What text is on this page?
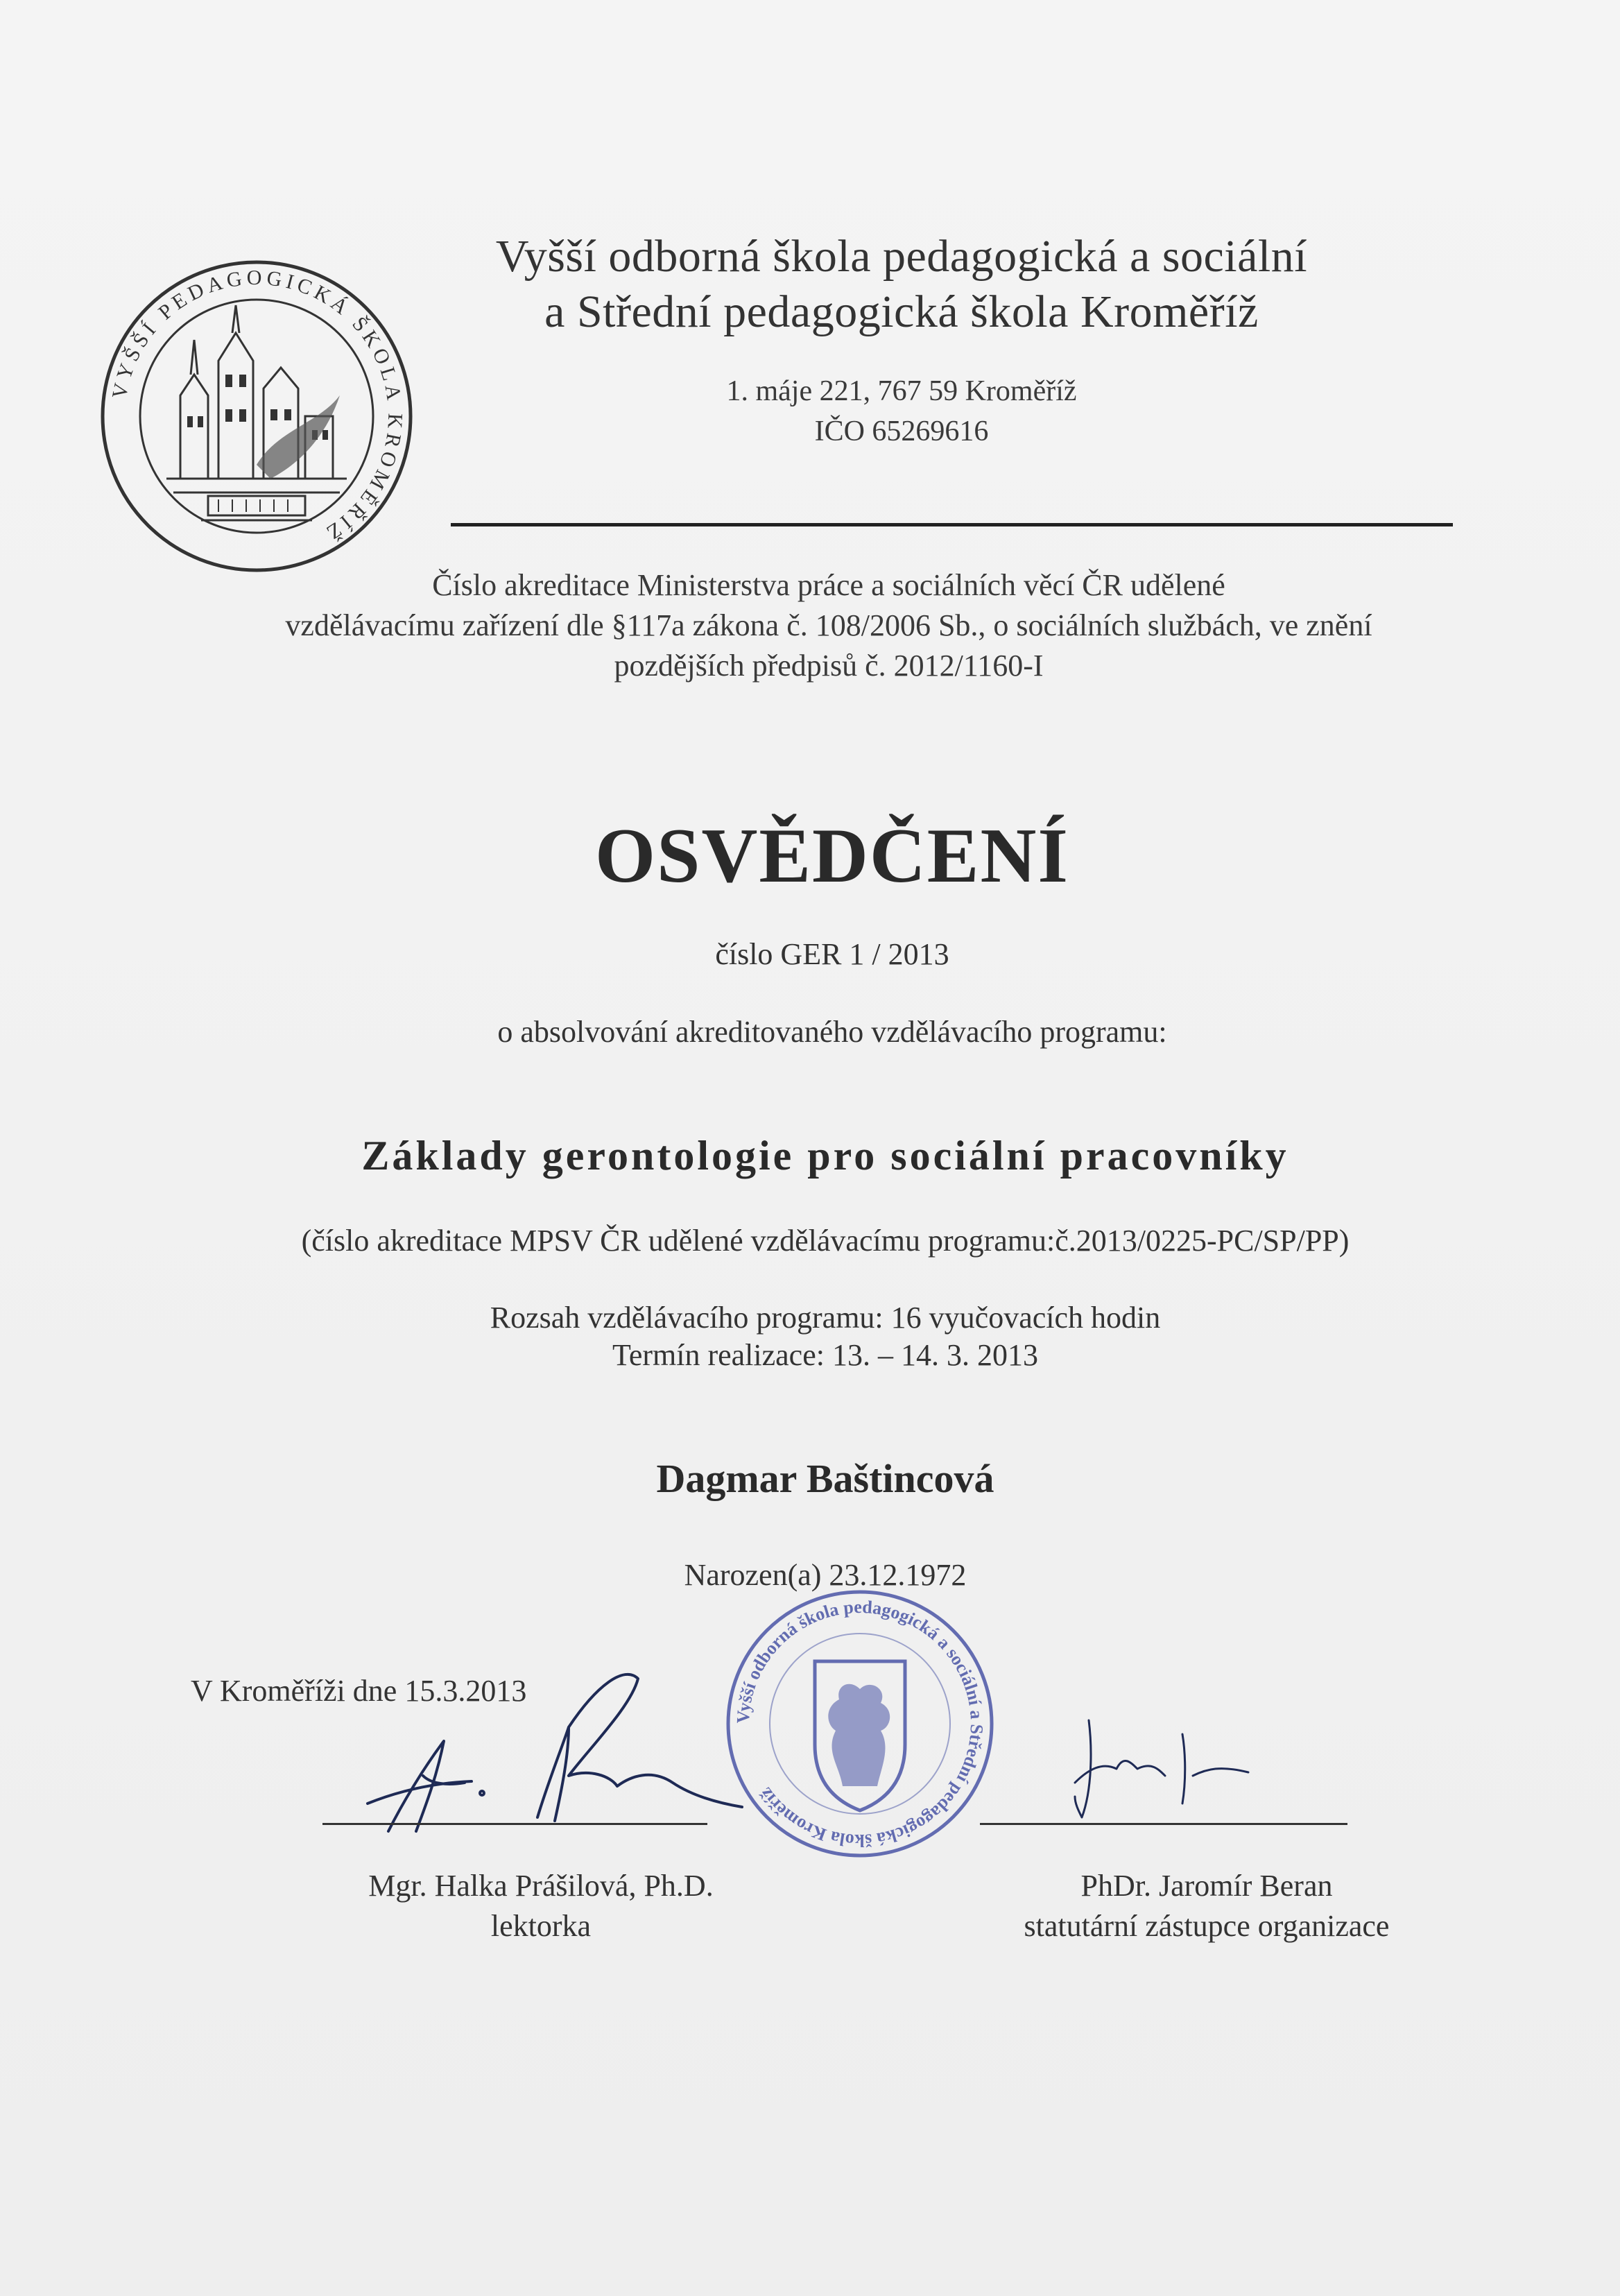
VYŠŠÍ PEDAGOGICKÁ ŠKOLA KROMĚŘÍŽ
Vyšší odborná škola pedagogická a sociální
a Střední pedagogická škola Kroměříž
1. máje 221, 767 59 Kroměříž
IČO 65269616
Číslo akreditace Ministerstva práce a sociálních věcí ČR udělené
vzdělávacímu zařízení dle §117a zákona č. 108/2006 Sb., o sociálních službách, ve znění
pozdějších předpisů č. 2012/1160-I
OSVĚDČENÍ
číslo GER 1 / 2013
o absolvování akreditovaného vzdělávacího programu:
Základy gerontologie pro sociální pracovníky
(číslo akreditace MPSV ČR udělené vzdělávacímu programu:č.2013/0225-PC/SP/PP)
Rozsah vzdělávacího programu: 16 vyučovacích hodin
Termín realizace: 13. – 14. 3. 2013
Dagmar Baštincová
Narozen(a) 23.12.1972
V Kroměříži dne 15.3.2013
Vyšší odborná škola pedagogická a sociální a Střední pedagogická škola Kroměříž
Mgr. Halka Prášilová, Ph.D.
lektorka
PhDr. Jaromír Beran
statutární zástupce organizace
